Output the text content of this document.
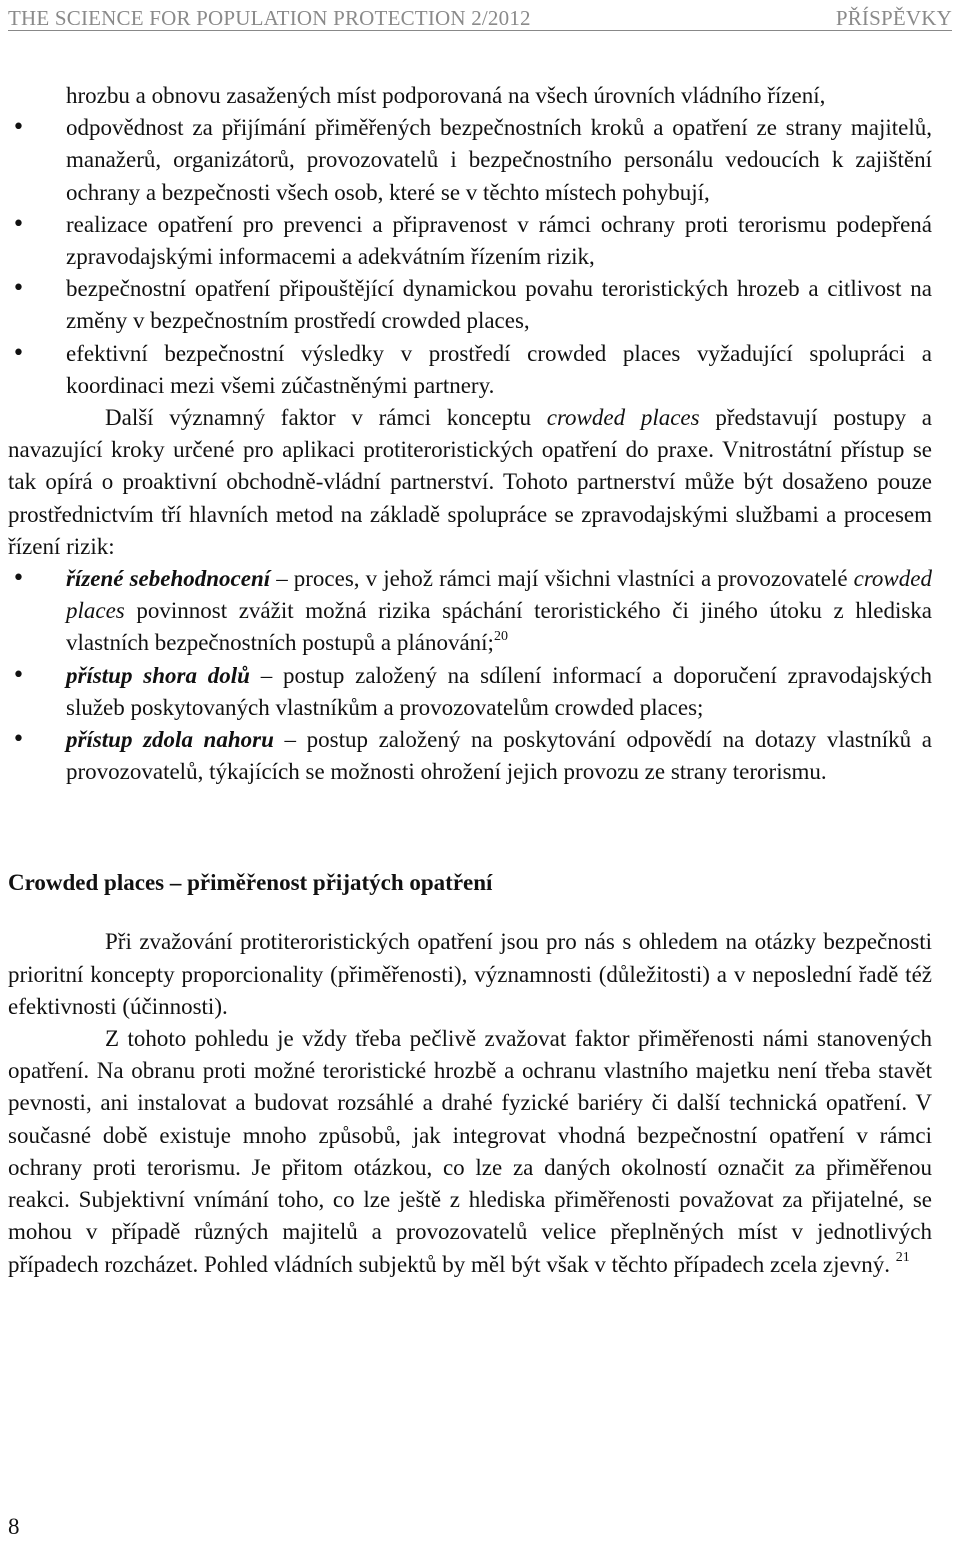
THE SCIENCE FOR POPULATION PROTECTION 2/2012	PŘÍSPĚVKY
hrozbu a obnovu zasažených míst podporovaná na všech úrovních vládního řízení,
• odpovědnost za přijímání přiměřených bezpečnostních kroků a opatření ze strany majitelů, manažerů, organizátorů, provozovatelů i bezpečnostního personálu vedoucích k zajištění ochrany a bezpečnosti všech osob, které se v těchto místech pohybují,
• realizace opatření pro prevenci a připravenost v rámci ochrany proti terorismu podepřená zpravodajskými informacemi a adekvátním řízením rizik,
• bezpečnostní opatření připouštějící dynamickou povahu teroristických hrozeb a citlivost na změny v bezpečnostním prostředí crowded places,
• efektivní bezpečnostní výsledky v prostředí crowded places vyžadující spolupráci a koordinaci mezi všemi zúčastněnými partnery.

Další významný faktor v rámci konceptu crowded places představují postupy a navazující kroky určené pro aplikaci protiteroristických opatření do praxe. Vnitrostátní přístup se tak opírá o proaktivní obchodně-vládní partnerství. Tohoto partnerství může být dosaženo pouze prostřednictvím tří hlavních metod na základě spolupráce se zpravodajskými službami a procesem řízení rizik:

• řízené sebehodnocení – proces, v jehož rámci mají všichni vlastníci a provozovatelé crowded places povinnost zvážit možná rizika spáchání teroristického či jiného útoku z hlediska vlastních bezpečnostních postupů a plánování;$^{20}$
• přístup shora dolů – postup založený na sdílení informací a doporučení zpravodajských služeb poskytovaných vlastníkům a provozovatelům crowded places;
• přístup zdola nahoru – postup založený na poskytování odpovědí na dotazy vlastníků a provozovatelů, týkajících se možnosti ohrožení jejich provozu ze strany terorismu.
Crowded places – přiměřenost přijatých opatření

Při zvažování protiteroristických opatření jsou pro nás s ohledem na otázky bezpečnosti prioritní koncepty proporcionality (přiměřenosti), významnosti (důležitosti) a v neposlední řadě též efektivnosti (účinnosti).

Z tohoto pohledu je vždy třeba pečlivě zvažovat faktor přiměřenosti námi stanovených opatření. Na obranu proti možné teroristické hrozbě a ochranu vlastního majetku není třeba stavět pevnosti, ani instalovat a budovat rozsáhlé a drahé fyzické bariéry či další technická opatření. V současné době existuje mnoho způsobů, jak integrovat vhodná bezpečnostní opatření v rámci ochrany proti terorismu. Je přitom otázkou, co lze za daných okolností označit za přiměřenou reakci. Subjektivní vnímání toho, co lze ještě z hlediska přiměřenosti považovat za přijatelné, se mohou v případě různých majitelů a provozovatelů velice přeplněných míst v jednotlivých případech rozcházet. Pohled vládních subjektů by měl být však v těchto případech zcela zjevný. $^{21}$

8
